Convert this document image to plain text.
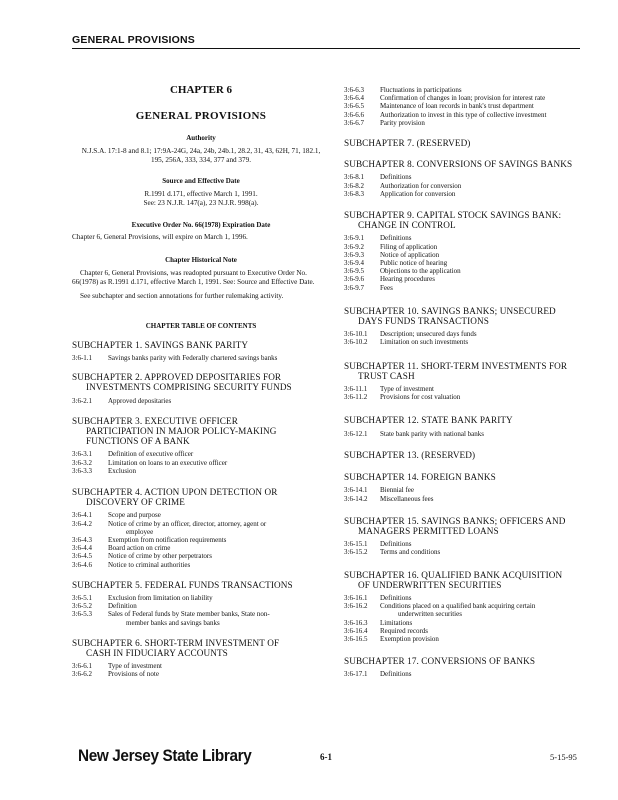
GENERAL PROVISIONS
CHAPTER 6
GENERAL PROVISIONS
Authority
N.J.S.A. 17:1-8 and 8.1; 17:9A-24G, 24a, 24b, 24b.1, 28.2, 31, 43, 62H, 71, 182.1, 195, 256A, 333, 334, 377 and 379.
Source and Effective Date
R.1991 d.171, effective March 1, 1991.
See: 23 N.J.R. 147(a), 23 N.J.R. 998(a).
Executive Order No. 66(1978) Expiration Date
Chapter 6, General Provisions, will expire on March 1, 1996.
Chapter Historical Note
Chapter 6, General Provisions, was readopted pursuant to Executive Order No. 66(1978) as R.1991 d.171, effective March 1, 1991. See: Source and Effective Date.
See subchapter and section annotations for further rulemaking activity.
CHAPTER TABLE OF CONTENTS
SUBCHAPTER 1. SAVINGS BANK PARITY
3:6-1.1	Savings banks parity with Federally chartered savings banks
SUBCHAPTER 2. APPROVED DEPOSITARIES FOR
INVESTMENTS COMPRISING SECURITY FUNDS
3:6-2.1	Approved depositaries
SUBCHAPTER 3. EXECUTIVE OFFICER
PARTICIPATION IN MAJOR POLICY-MAKING
FUNCTIONS OF A BANK
3:6-3.1	Definition of executive officer
3:6-3.2	Limitation on loans to an executive officer
3:6-3.3	Exclusion
SUBCHAPTER 4. ACTION UPON DETECTION OR
DISCOVERY OF CRIME
3:6-4.1	Scope and purpose
3:6-4.2	Notice of crime by an officer, director, attorney, agent or
employee
3:6-4.3	Exemption from notification requirements
3:6-4.4	Board action on crime
3:6-4.5	Notice of crime by other perpetrators
3:6-4.6	Notice to criminal authorities
SUBCHAPTER 5. FEDERAL FUNDS TRANSACTIONS
3:6-5.1	Exclusion from limitation on liability
3:6-5.2	Definition
3:6-5.3	Sales of Federal funds by State member banks, State non-
member banks and savings banks
SUBCHAPTER 6. SHORT-TERM INVESTMENT OF
CASH IN FIDUCIARY ACCOUNTS
3:6-6.1	Type of investment
3:6-6.2	Provisions of note
3:6-6.3	Fluctuations in participations
3:6-6.4	Confirmation of changes in loan; provision for interest rate
3:6-6.5	Maintenance of loan records in bank's trust department
3:6-6.6	Authorization to invest in this type of collective investment
3:6-6.7	Parity provision
SUBCHAPTER 7. (RESERVED)
SUBCHAPTER 8. CONVERSIONS OF SAVINGS BANKS
3:6-8.1	Definitions
3:6-8.2	Authorization for conversion
3:6-8.3	Application for conversion
SUBCHAPTER 9. CAPITAL STOCK SAVINGS BANK:
CHANGE IN CONTROL
3:6-9.1	Definitions
3:6-9.2	Filing of application
3:6-9.3	Notice of application
3:6-9.4	Public notice of hearing
3:6-9.5	Objections to the application
3:6-9.6	Hearing procedures
3:6-9.7	Fees
SUBCHAPTER 10. SAVINGS BANKS; UNSECURED
DAYS FUNDS TRANSACTIONS
3:6-10.1	Description; unsecured days funds
3:6-10.2	Limitation on such investments
SUBCHAPTER 11. SHORT-TERM INVESTMENTS FOR
TRUST CASH
3:6-11.1	Type of investment
3:6-11.2	Provisions for cost valuation
SUBCHAPTER 12. STATE BANK PARITY
3:6-12.1	State bank parity with national banks
SUBCHAPTER 13. (RESERVED)
SUBCHAPTER 14. FOREIGN BANKS
3:6-14.1	Biennial fee
3:6-14.2	Miscellaneous fees
SUBCHAPTER 15. SAVINGS BANKS; OFFICERS AND
MANAGERS PERMITTED LOANS
3:6-15.1	Definitions
3:6-15.2	Terms and conditions
SUBCHAPTER 16. QUALIFIED BANK ACQUISITION
OF UNDERWRITTEN SECURITIES
3:6-16.1	Definitions
3:6-16.2	Conditions placed on a qualified bank acquiring certain
underwritten securities
3:6-16.3	Limitations
3:6-16.4	Required records
3:6-16.5	Exemption provision
SUBCHAPTER 17. CONVERSIONS OF BANKS
3:6-17.1	Definitions
New Jersey State Library	6-1	5-15-95
